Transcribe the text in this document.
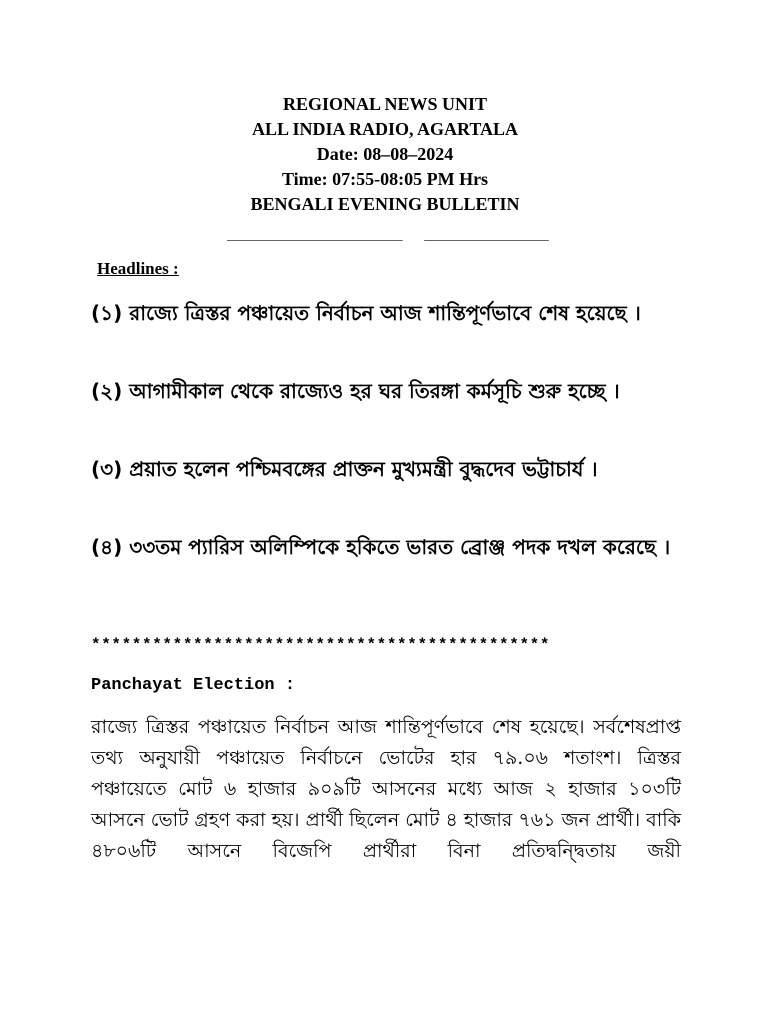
REGIONAL NEWS UNIT
ALL INDIA RADIO, AGARTALA
Date: 08–08–2024
Time: 07:55-08:05 PM Hrs
BENGALI EVENING BULLETIN
________________________   _________________
Headlines :
(১) রাজ্যে ত্রিস্তর পঞ্চায়েত নির্বাচন আজ শান্তিপূর্ণভাবে শেষ হয়েছে ।
(২) আগামীকাল থেকে রাজ্যেও হর ঘর তিরঙ্গা কর্মসূচি শুরু হচ্ছে ।
(৩) প্রয়াত হলেন পশ্চিমবঙ্গের প্রাক্তন মুখ্যমন্ত্রী বুদ্ধদেব ভট্টাচার্য ।
(৪) ৩৩তম প্যারিস অলিম্পিকে হকিতে ভারত ব্রোঞ্জ পদক দখল করেছে ।
*********************************************
Panchayat Election :
রাজ্যে ত্রিস্তর পঞ্চায়েত নির্বাচন আজ শান্তিপূর্ণভাবে শেষ হয়েছে। সর্বশেষপ্রাপ্ত তথ্য অনুযায়ী পঞ্চায়েত নির্বাচনে ভোটের হার ৭৯.০৬ শতাংশ। ত্রিস্তর পঞ্চায়েতে মোট ৬ হাজার ৯০৯টি আসনের মধ্যে আজ ২ হাজার ১০৩টি আসনে ভোট গ্রহণ করা হয়। প্রার্থী ছিলেন মোট ৪ হাজার ৭৬১ জন প্রার্থী। বাকি ৪৮০৬টি আসনে বিজেপি প্রার্থীরা বিনা প্রতিদ্বন্দ্বিতায় জয়ী
